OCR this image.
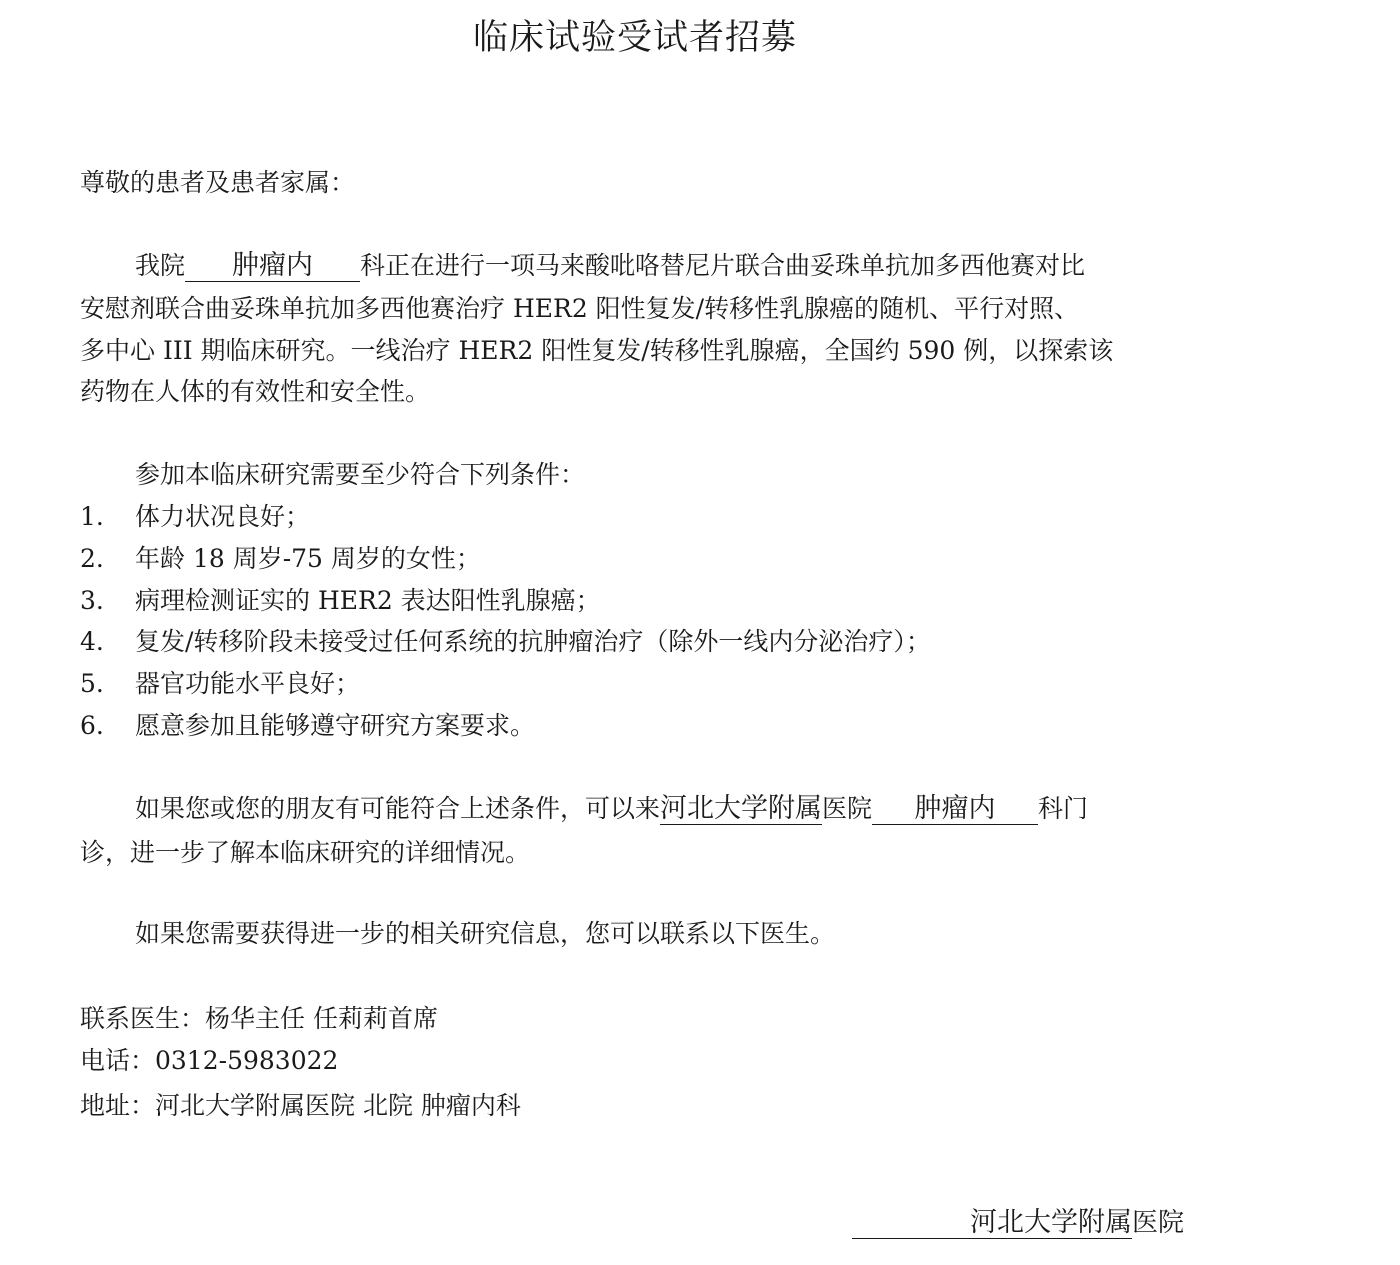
临床试验受试者招募
尊敬的患者及患者家属：
我院 肿瘤内 科正在进行一项马来酸吡咯替尼片联合曲妥珠单抗加多西他赛对比
安慰剂联合曲妥珠单抗加多西他赛治疗 HER2 阳性复发/转移性乳腺癌的随机、平行对照、
多中心 III 期临床研究。一线治疗 HER2 阳性复发/转移性乳腺癌，全国约 590 例，以探索该
药物在人体的有效性和安全性。
参加本临床研究需要至少符合下列条件：
1. 体力状况良好；
2. 年龄 18 周岁-75 周岁的女性；
3. 病理检测证实的 HER2 表达阳性乳腺癌；
4. 复发/转移阶段未接受过任何系统的抗肿瘤治疗（除外一线内分泌治疗）；
5. 器官功能水平良好；
6. 愿意参加且能够遵守研究方案要求。
如果您或您的朋友有可能符合上述条件，可以来河北大学附属医院 肿瘤内 科门
诊，进一步了解本临床研究的详细情况。
如果您需要获得进一步的相关研究信息，您可以联系以下医生。
联系医生：杨华主任 任莉莉首席
电话：0312-5983022
地址：河北大学附属医院 北院 肿瘤内科
河北大学附属医院
